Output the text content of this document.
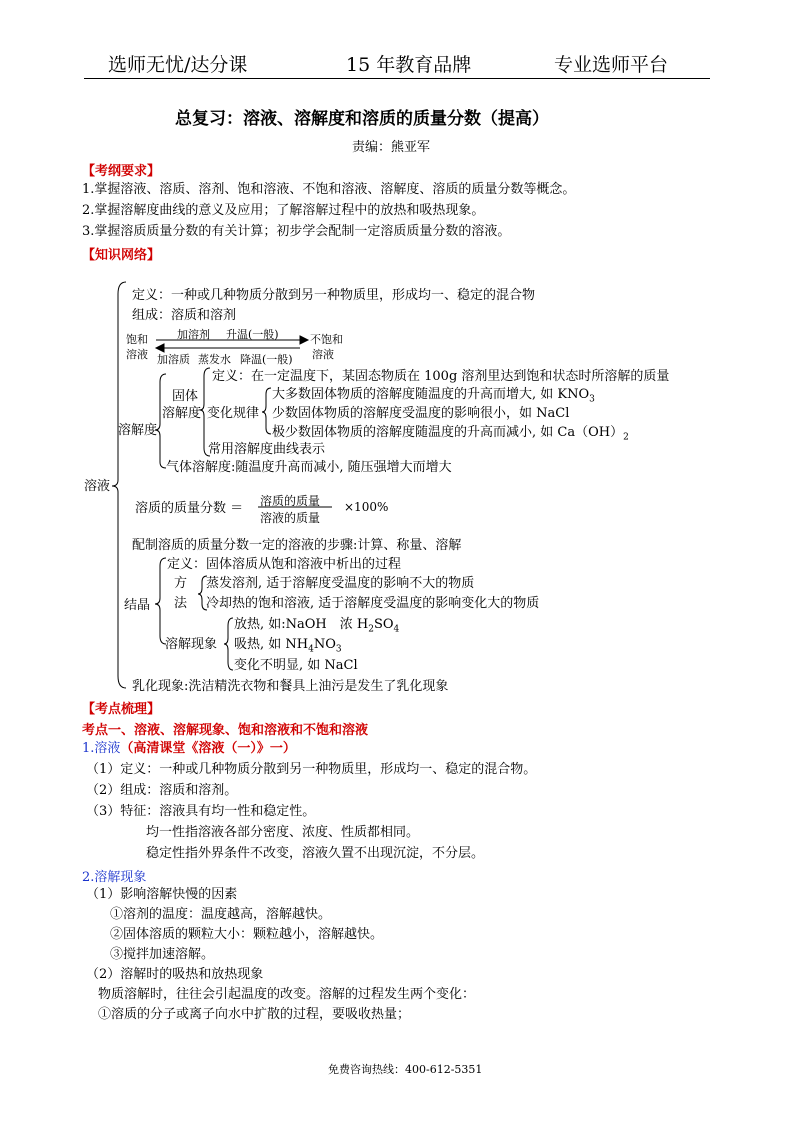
选师无忧/达分课	15 年教育品牌	专业选师平台
总复习：溶液、溶解度和溶质的质量分数（提高）
责编：熊亚军
【考纲要求】
1.掌握溶液、溶质、溶剂、饱和溶液、不饱和溶液、溶解度、溶质的质量分数等概念。
2.掌握溶解度曲线的意义及应用；了解溶解过程中的放热和吸热现象。
3.掌握溶质质量分数的有关计算；初步学会配制一定溶质质量分数的溶液。
【知识网络】
溶液
定义：一种或几种物质分散到另一种物质里，形成均一、稳定的混合物
组成：溶质和溶剂
饱和
溶液
加溶剂 升温(一般)	不饱和
溶液
加溶质 蒸发水 降温(一般)
溶解度
固体
溶解度
定义：在一定温度下，某固态物质在 100g 溶剂里达到饱和状态时所溶解的质量
变化规律
大多数固体物质的溶解度随温度的升高而增大, 如 $KNO_3$
少数固体物质的溶解度受温度的影响很小，如 NaCl
极少数固体物质的溶解度随温度的升高而减小, 如 $Ca(OH)_2$
常用溶解度曲线表示
气体溶解度:随温度升高而减小, 随压强增大而增大
溶质的质量分数 ＝ 溶质的质量
溶液的质量
×100%
配制溶质的质量分数一定的溶液的步骤:计算、称量、溶解
结晶
定义：固体溶质从饱和溶液中析出的过程
方
法
蒸发溶剂, 适于溶解度受温度的影响不大的物质
冷却热的饱和溶液, 适于溶解度受温度的影响变化大的物质
溶解现象
放热, 如:NaOH　浓 $H_2SO_4$
吸热, 如 $NH_4NO_3$
变化不明显, 如 NaCl
乳化现象:洗洁精洗衣物和餐具上油污是发生了乳化现象
【考点梳理】
考点一、溶液、溶解现象、饱和溶液和不饱和溶液
1.溶液（高清课堂《溶液（一）》一）
（1）定义：一种或几种物质分散到另一种物质里，形成均一、稳定的混合物。
（2）组成：溶质和溶剂。
（3）特征：溶液具有均一性和稳定性。
均一性指溶液各部分密度、浓度、性质都相同。
稳定性指外界条件不改变，溶液久置不出现沉淀，不分层。
2.溶解现象
（1）影响溶解快慢的因素
①溶剂的温度：温度越高，溶解越快。
②固体溶质的颗粒大小：颗粒越小，溶解越快。
③搅拌加速溶解。
（2）溶解时的吸热和放热现象
物质溶解时，往往会引起温度的改变。溶解的过程发生两个变化：
①溶质的分子或离子向水中扩散的过程，要吸收热量；
免费咨询热线：400-612-5351
